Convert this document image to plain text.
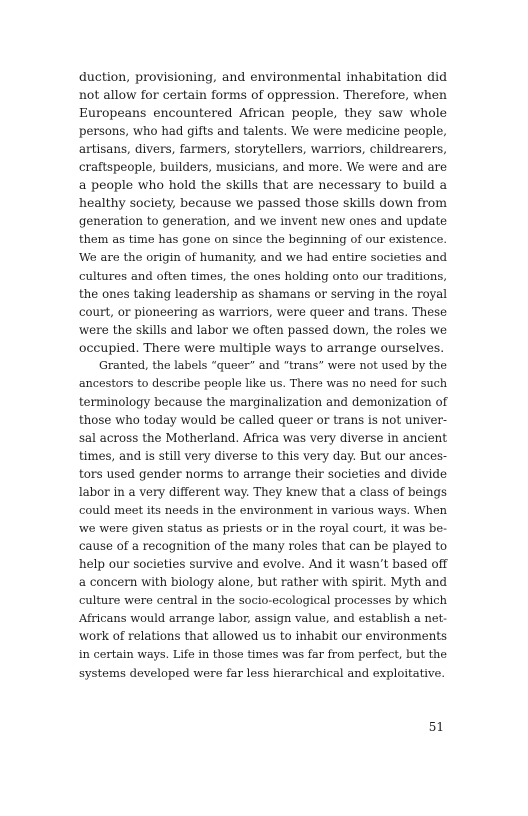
duction, provisioning, and environmental inhabitation did
not allow for certain forms of oppression. Therefore, when
Europeans encountered African people, they saw whole
persons, who had gifts and talents. We were medicine people,
artisans, divers, farmers, storytellers, warriors, childrearers,
craftspeople, builders, musicians, and more. We were and are
a people who hold the skills that are necessary to build a
healthy society, because we passed those skills down from
generation to generation, and we invent new ones and update
them as time has gone on since the beginning of our existence.
We are the origin of humanity, and we had entire societies and
cultures and often times, the ones holding onto our traditions,
the ones taking leadership as shamans or serving in the royal
court, or pioneering as warriors, were queer and trans. These
were the skills and labor we often passed down, the roles we
occupied. There were multiple ways to arrange ourselves.
Granted, the labels “queer” and “trans” were not used by the
ancestors to describe people like us. There was no need for such
terminology because the marginalization and demonization of
those who today would be called queer or trans is not univer-
sal across the Motherland. Africa was very diverse in ancient
times, and is still very diverse to this very day. But our ances-
tors used gender norms to arrange their societies and divide
labor in a very different way. They knew that a class of beings
could meet its needs in the environment in various ways. When
we were given status as priests or in the royal court, it was be-
cause of a recognition of the many roles that can be played to
help our societies survive and evolve. And it wasn’t based off
a concern with biology alone, but rather with spirit. Myth and
culture were central in the socio-ecological processes by which
Africans would arrange labor, assign value, and establish a net-
work of relations that allowed us to inhabit our environments
in certain ways. Life in those times was far from perfect, but the
systems developed were far less hierarchical and exploitative.
51
